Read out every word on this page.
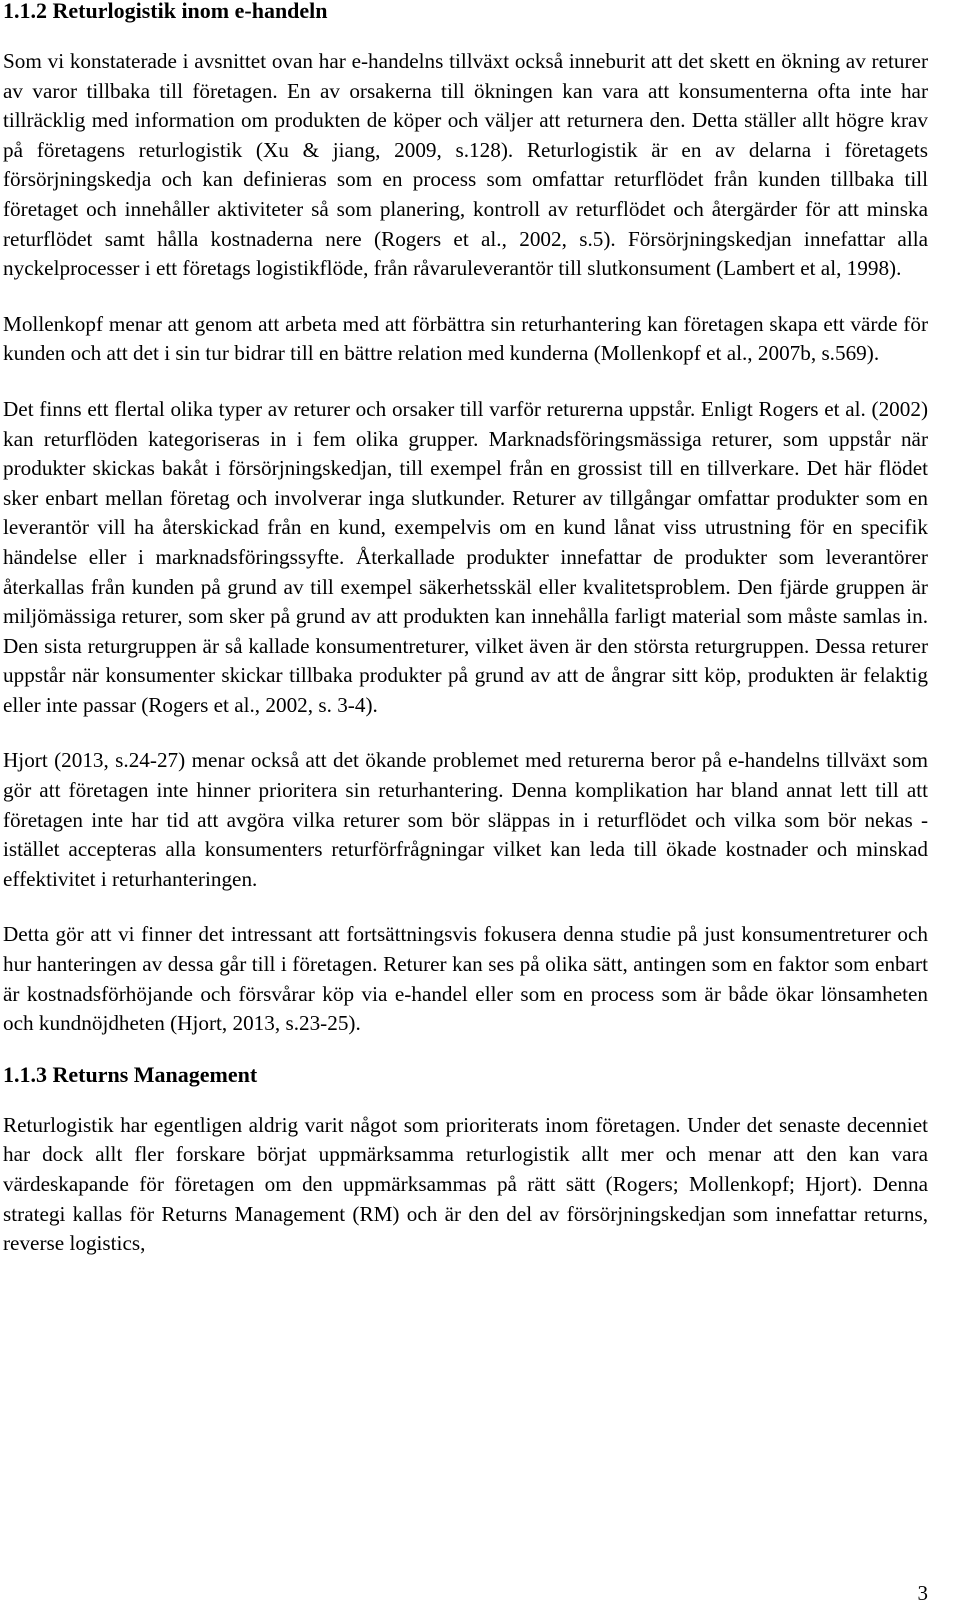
1.1.2 Returlogistik inom e-handeln

Som vi konstaterade i avsnittet ovan har e-handelns tillväxt också inneburit att det skett en ökning av returer av varor tillbaka till företagen. En av orsakerna till ökningen kan vara att konsumenterna ofta inte har tillräcklig med information om produkten de köper och väljer att returnera den. Detta ställer allt högre krav på företagens returlogistik (Xu & jiang, 2009, s.128). Returlogistik är en av delarna i företagets försörjningskedja och kan definieras som en process som omfattar returflödet från kunden tillbaka till företaget och innehåller aktiviteter så som planering, kontroll av returflödet och återgärder för att minska returflödet samt hålla kostnaderna nere (Rogers et al., 2002, s.5). Försörjningskedjan innefattar alla nyckelprocesser i ett företags logistikflöde, från råvaruleverantör till slutkonsument (Lambert et al, 1998).

Mollenkopf menar att genom att arbeta med att förbättra sin returhantering kan företagen skapa ett värde för kunden och att det i sin tur bidrar till en bättre relation med kunderna (Mollenkopf et al., 2007b, s.569).

Det finns ett flertal olika typer av returer och orsaker till varför returerna uppstår. Enligt Rogers et al. (2002) kan returflöden kategoriseras in i fem olika grupper. Marknadsföringsmässiga returer, som uppstår när produkter skickas bakåt i försörjningskedjan, till exempel från en grossist till en tillverkare. Det här flödet sker enbart mellan företag och involverar inga slutkunder. Returer av tillgångar omfattar produkter som en leverantör vill ha återskickad från en kund, exempelvis om en kund lånat viss utrustning för en specifik händelse eller i marknadsföringssyfte. Återkallade produkter innefattar de produkter som leverantörer återkallas från kunden på grund av till exempel säkerhetsskäl eller kvalitetsproblem. Den fjärde gruppen är miljömässiga returer, som sker på grund av att produkten kan innehålla farligt material som måste samlas in. Den sista returgruppen är så kallade konsumentreturer, vilket även är den största returgruppen. Dessa returer uppstår när konsumenter skickar tillbaka produkter på grund av att de ångrar sitt köp, produkten är felaktig eller inte passar (Rogers et al., 2002, s. 3-4).

Hjort (2013, s.24-27) menar också att det ökande problemet med returerna beror på e-handelns tillväxt som gör att företagen inte hinner prioritera sin returhantering. Denna komplikation har bland annat lett till att företagen inte har tid att avgöra vilka returer som bör släppas in i returflödet och vilka som bör nekas - istället accepteras alla konsumenters returförfrågningar vilket kan leda till ökade kostnader och minskad effektivitet i returhanteringen.

Detta gör att vi finner det intressant att fortsättningsvis fokusera denna studie på just konsumentreturer och hur hanteringen av dessa går till i företagen. Returer kan ses på olika sätt, antingen som en faktor som enbart är kostnadsförhöjande och försvårar köp via e-handel eller som en process som är både ökar lönsamheten och kundnöjdheten (Hjort, 2013, s.23-25).

1.1.3 Returns Management

Returlogistik har egentligen aldrig varit något som prioriterats inom företagen. Under det senaste decenniet har dock allt fler forskare börjat uppmärksamma returlogistik allt mer och menar att den kan vara värdeskapande för företagen om den uppmärksammas på rätt sätt (Rogers; Mollenkopf; Hjort). Denna strategi kallas för Returns Management (RM) och är den del av försörjningskedjan som innefattar returns, reverse logistics,

3
